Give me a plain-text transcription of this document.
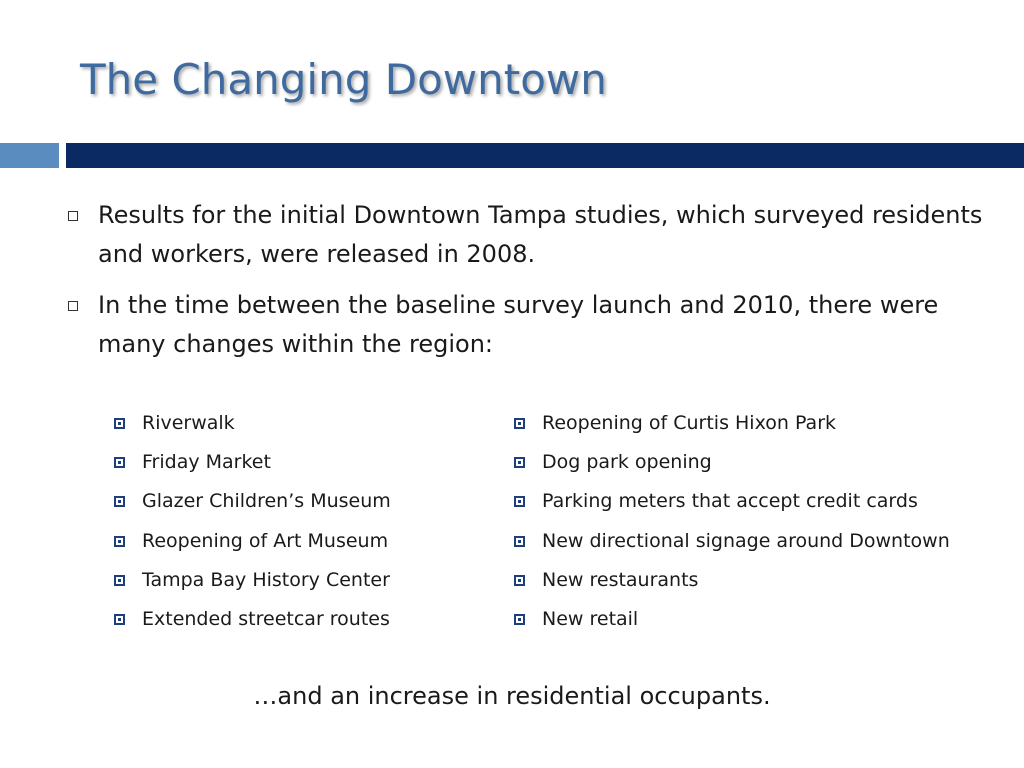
The Changing Downtown
Results for the initial Downtown Tampa studies, which surveyed residents and workers, were released in 2008.
In the time between the baseline survey launch and 2010, there were many changes within the region:
Riverwalk
Friday Market
Glazer Children’s Museum
Reopening of Art Museum
Tampa Bay History Center
Extended streetcar routes
Reopening of Curtis Hixon Park
Dog park opening
Parking meters that accept credit cards
New directional signage around Downtown
New restaurants
New retail

…and an increase in residential occupants.
